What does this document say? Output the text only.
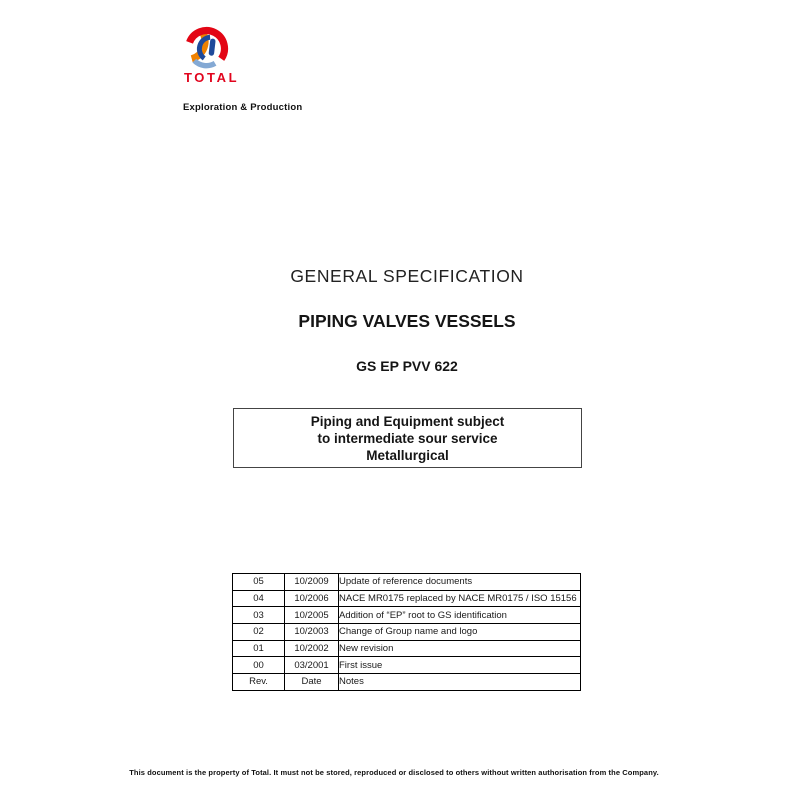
TOTAL
Exploration & Production
GENERAL SPECIFICATION
PIPING VALVES VESSELS
GS EP PVV 622
Piping and Equipment subject
to intermediate sour service
Metallurgical
05	10/2009	Update of reference documents
04	10/2006	NACE MR0175 replaced by NACE MR0175 / ISO 15156
03	10/2005	Addition of “EP” root to GS identification
02	10/2003	Change of Group name and logo
01	10/2002	New revision
00	03/2001	First issue
Rev.	Date	Notes
This document is the property of Total. It must not be stored, reproduced or disclosed to others without written authorisation from the Company.
